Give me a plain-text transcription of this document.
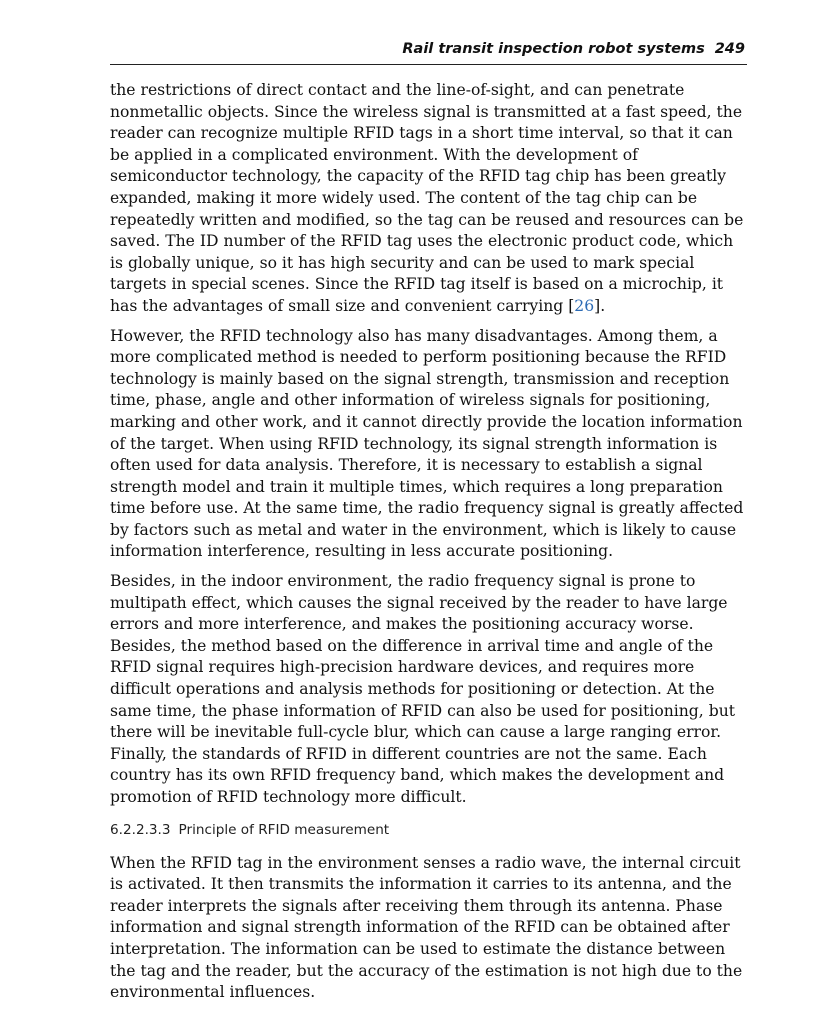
Rail transit inspection robot systems 249

the restrictions of direct contact and the line-of-sight, and can penetrate nonmetallic objects. Since the wireless signal is transmitted at a fast speed, the reader can recognize multiple RFID tags in a short time interval, so that it can be applied in a complicated environment. With the development of semiconductor technology, the capacity of the RFID tag chip has been greatly expanded, making it more widely used. The content of the tag chip can be repeatedly written and modified, so the tag can be reused and resources can be saved. The ID number of the RFID tag uses the electronic product code, which is globally unique, so it has high security and can be used to mark special targets in special scenes. Since the RFID tag itself is based on a microchip, it has the advantages of small size and convenient carrying [26].

However, the RFID technology also has many disadvantages. Among them, a more complicated method is needed to perform positioning because the RFID technology is mainly based on the signal strength, transmission and reception time, phase, angle and other information of wireless signals for positioning, marking and other work, and it cannot directly provide the location information of the target. When using RFID technology, its signal strength information is often used for data analysis. Therefore, it is necessary to establish a signal strength model and train it multiple times, which requires a long preparation time before use. At the same time, the radio frequency signal is greatly affected by factors such as metal and water in the environment, which is likely to cause information interference, resulting in less accurate positioning.

Besides, in the indoor environment, the radio frequency signal is prone to multipath effect, which causes the signal received by the reader to have large errors and more interference, and makes the positioning accuracy worse. Besides, the method based on the difference in arrival time and angle of the RFID signal requires high-precision hardware devices, and requires more difficult operations and analysis methods for positioning or detection. At the same time, the phase information of RFID can also be used for positioning, but there will be inevitable full-cycle blur, which can cause a large ranging error. Finally, the standards of RFID in different countries are not the same. Each country has its own RFID frequency band, which makes the development and promotion of RFID technology more difficult.

6.2.2.3.3 Principle of RFID measurement

When the RFID tag in the environment senses a radio wave, the internal circuit is activated. It then transmits the information it carries to its antenna, and the reader interprets the signals after receiving them through its antenna. Phase information and signal strength information of the RFID can be obtained after interpretation. The information can be used to estimate the distance between the tag and the reader, but the accuracy of the estimation is not high due to the environmental influences.
